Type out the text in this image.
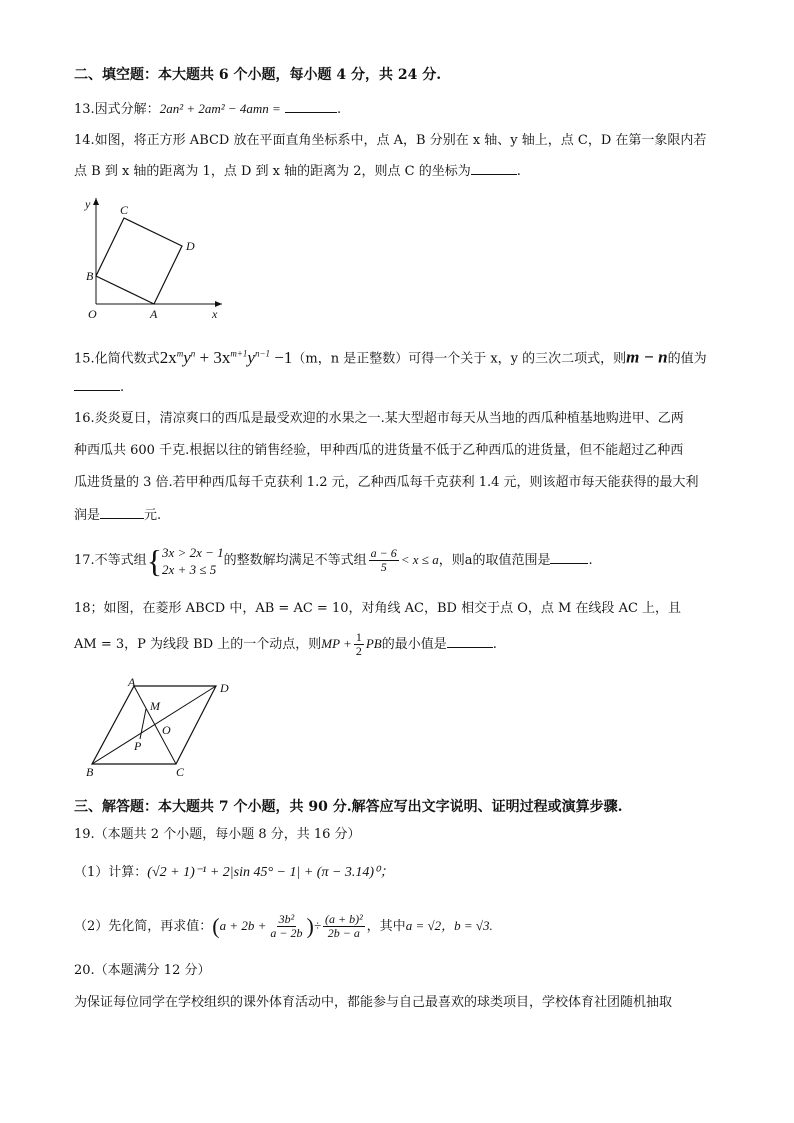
二、填空题：本大题共 6 个小题，每小题 4 分，共 24 分.
13.因式分解：2an² + 2am² − 4amn =	.
14.如图，将正方形 ABCD 放在平面直角坐标系中，点 A，B 分别在 x 轴、y 轴上，点 C，D 在第一象限内若
点 B 到 x 轴的距离为 1，点 D 到 x 轴的距离为 2，则点 C 的坐标为	.
y
x
O	A
B
C
D
15.化简代数式$2x^my^n + 3x^{m+1}y^{n-1} -1(m$，n 是正整数）可得一个关于 x，y 的三次二项式，则m − n的值为
.
16.炎炎夏日，清凉爽口的西瓜是最受欢迎的水果之一.某大型超市每天从当地的西瓜种植基地购进甲、乙两
种西瓜共 600 千克.根据以往的销售经验，甲种西瓜的进货量不低于乙种西瓜的进货量，但不能超过乙种西
瓜进货量的 3 倍.若甲种西瓜每千克获利 1.2 元，乙种西瓜每千克获利 1.4 元，则该超市每天能获得的最大利
润是	元.
17.不等式组{ 3x > 2x − 1
2x + 3 ≤ 5
的整数解均满足不等式组 $\frac{a - 6}{5} < x \le a$，则a的取值范围是	.
18；如图，在菱形 ABCD 中，AB = AC = 10，对角线 AC，BD 相交于点 O，点 M 在线段 AC 上，且
AM = 3，P 为线段 BD 上的一个动点，则MP + $\frac{1}{2}$ PB的最小值是	.
A	D
B	C
M
O
P
三、解答题：本大题共 7 个小题，共 90 分.解答应写出文字说明、证明过程或演算步骤.
19.（本题共 2 个小题，每小题 8 分，共 16 分）
（1）计算：(√2 + 1)⁻¹ + 2|sin 45° − 1| + (π − 3.14)⁰；
（2）先化简，再求值：($a + 2b + \frac{\text{3b²}}{a - 2b}$ )÷ $\frac{\text{(a + b)²}}{2b - a}$ ，其中a = √2，b = √3.
20.（本题满分 12 分）
为保证每位同学在学校组织的课外体育活动中，都能参与自己最喜欢的球类项目，学校体育社团随机抽取
